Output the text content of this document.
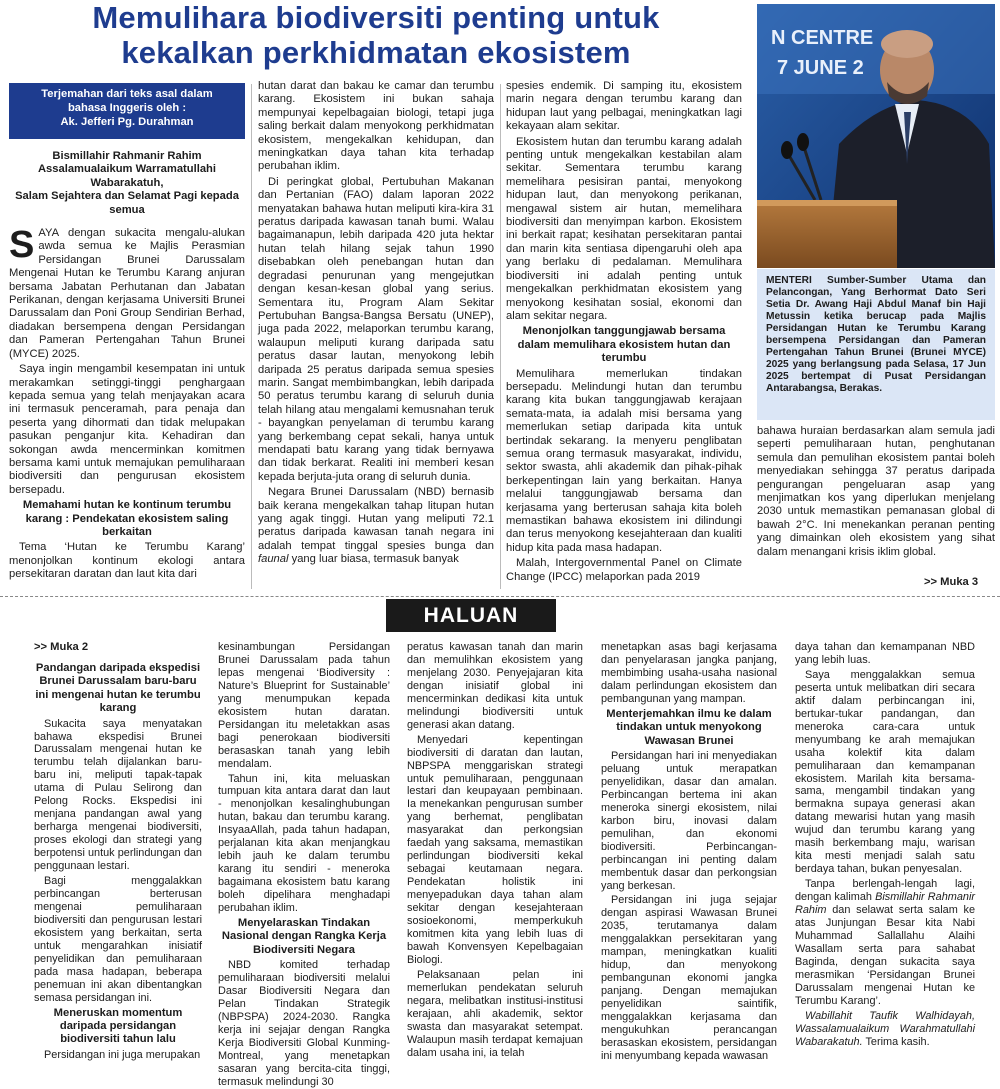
Memulihara biodiversiti penting untuk
kekalkan perkhidmatan ekosistem
Terjemahan dari teks asal dalam
bahasa Inggeris oleh :
Ak. Jefferi Pg. Durahman
Bismillahir Rahmanir Rahim
Assalamualaikum Warramatullahi Wabarakatuh,
Salam Sejahtera dan Selamat Pagi kepada semua

SAYA dengan sukacita mengalu-alukan awda semua ke Majlis Perasmian Persidangan Brunei Darussalam Mengenai Hutan ke Terumbu Karang anjuran bersama Jabatan Perhutanan dan Jabatan Perikanan, dengan kerjasama Universiti Brunei Darussalam dan Poni Group Sendirian Berhad, diadakan bersempena dengan Persidangan dan Pameran Pertengahan Tahun Brunei (MYCE) 2025.

Saya ingin mengambil kesempatan ini untuk merakamkan setinggi-tinggi penghargaan kepada semua yang telah menjayakan acara ini termasuk penceramah, para penaja dan peserta yang dihormati dan tidak melupakan pasukan penganjur kita. Kehadiran dan sokongan awda mencerminkan komitmen bersama kami untuk memajukan pemuliharaan biodiversiti dan pengurusan ekosistem bersepadu.

Memahami hutan ke kontinum terumbu karang : Pendekatan ekosistem saling berkaitan

Tema ‘Hutan ke Terumbu Karang’ menonjolkan kontinum ekologi antara persekitaran daratan dan laut kita dari

hutan darat dan bakau ke camar dan terumbu karang. Ekosistem ini bukan sahaja mempunyai kepelbagaian biologi, tetapi juga saling berkait dalam menyokong perkhidmatan ekosistem, mengekalkan kehidupan, dan meningkatkan daya tahan kita terhadap perubahan iklim.

Di peringkat global, Pertubuhan Makanan dan Pertanian (FAO) dalam laporan 2022 menyatakan bahawa hutan meliputi kira-kira 31 peratus daripada kawasan tanah bumi. Walau bagaimanapun, lebih daripada 420 juta hektar hutan telah hilang sejak tahun 1990 disebabkan oleh penebangan hutan dan degradasi penurunan yang mengejutkan dengan kesan-kesan global yang serius. Sementara itu, Program Alam Sekitar Pertubuhan Bangsa-Bangsa Bersatu (UNEP), juga pada 2022, melaporkan terumbu karang, walaupun meliputi kurang daripada satu peratus dasar lautan, menyokong lebih daripada 25 peratus daripada semua spesies marin. Sangat membimbangkan, lebih daripada 50 peratus terumbu karang di seluruh dunia telah hilang atau mengalami kemusnahan teruk - bayangkan penyelaman di terumbu karang yang berkembang cepat sekali, hanya untuk mendapati batu karang yang tidak bernyawa dan tidak berkarat. Realiti ini memberi kesan kepada berjuta-juta orang di seluruh dunia.

Negara Brunei Darussalam (NBD) bernasib baik kerana mengekalkan tahap litupan hutan yang agak tinggi. Hutan yang meliputi 72.1 peratus daripada kawasan tanah negara ini adalah tempat tinggal spesies bunga dan faunal yang luar biasa, termasuk banyak

spesies endemik. Di samping itu, ekosistem marin negara dengan terumbu karang dan hidupan laut yang pelbagai, meningkatkan lagi kekayaan alam sekitar.

Ekosistem hutan dan terumbu karang adalah penting untuk mengekalkan kestabilan alam sekitar. Sementara terumbu karang memelihara pesisiran pantai, menyokong hidupan laut, dan menyokong perikanan, mengawal sistem air hutan, memelihara biodiversiti dan menyimpan karbon. Ekosistem ini berkait rapat; kesihatan persekitaran pantai dan marin kita sentiasa dipengaruhi oleh apa yang berlaku di pedalaman. Memulihara biodiversiti ini adalah penting untuk mengekalkan perkhidmatan ekosistem yang menyokong kesihatan sosial, ekonomi dan alam sekitar negara.

Menonjolkan tanggungjawab bersama dalam memulihara ekosistem hutan dan terumbu

Memulihara memerlukan tindakan bersepadu. Melindungi hutan dan terumbu karang kita bukan tanggungjawab kerajaan semata-mata, ia adalah misi bersama yang memerlukan setiap daripada kita untuk bertindak sekarang. Ia menyeru penglibatan semua orang termasuk masyarakat, individu, sektor swasta, ahli akademik dan pihak-pihak berkepentingan lain yang berkaitan. Hanya melalui tanggungjawab bersama dan kerjasama yang berterusan sahaja kita boleh memastikan bahawa ekosistem ini dilindungi dan terus menyokong kesejahteraan dan kualiti hidup kita pada masa hadapan.

Malah, Intergovernmental Panel on Climate Change (IPCC) melaporkan pada 2019

N CENTRE
7 JUNE 2
MENTERI Sumber-Sumber Utama dan Pelancongan, Yang Berhormat Dato Seri Setia Dr. Awang Haji Abdul Manaf bin Haji Metussin ketika berucap pada Majlis Persidangan Hutan ke Terumbu Karang bersempena Persidangan dan Pameran Pertengahan Tahun Brunei (Brunei MYCE) 2025 yang berlangsung pada Selasa, 17 Jun 2025 bertempat di Pusat Persidangan Antarabangsa, Berakas.

bahawa huraian berdasarkan alam semula jadi seperti pemuliharaan hutan, penghutanan semula dan pemulihan ekosistem pantai boleh menyediakan sehingga 37 peratus daripada pengurangan pengeluaran asap yang menjimatkan kos yang diperlukan menjelang 2030 untuk memastikan pemanasan global di bawah 2°C. Ini menekankan peranan penting yang dimainkan oleh ekosistem yang sihat dalam menangani krisis iklim global.

>> Muka 3
HALUAN
>> Muka 2
Pandangan daripada ekspedisi Brunei Darussalam baru-baru ini mengenai hutan ke terumbu karang

Sukacita saya menyatakan bahawa ekspedisi Brunei Darussalam mengenai hutan ke terumbu telah dijalankan baru-baru ini, meliputi tapak-tapak utama di Pulau Selirong dan Pelong Rocks. Ekspedisi ini menjana pandangan awal yang berharga mengenai biodiversiti, proses ekologi dan strategi yang berpotensi untuk perlindungan dan penggunaan lestari.

Bagi menggalakkan perbincangan berterusan mengenai pemuliharaan biodiversiti dan pengurusan lestari ekosistem yang berkaitan, serta untuk mengarahkan inisiatif penyelidikan dan pemuliharaan pada masa hadapan, beberapa penemuan ini akan dibentangkan semasa persidangan ini.

Meneruskan momentum daripada persidangan biodiversiti tahun lalu

Persidangan ini juga merupakan

kesinambungan Persidangan Brunei Darussalam pada tahun lepas mengenai ‘Biodiversity : Nature’s Blueprint for Sustainable’ yang menumpukan kepada ekosistem hutan daratan. Persidangan itu meletakkan asas bagi penerokaan biodiversiti berasaskan tanah yang lebih mendalam.

Tahun ini, kita meluaskan tumpuan kita antara darat dan laut - menonjolkan kesalinghubungan hutan, bakau dan terumbu karang. InsyaaAllah, pada tahun hadapan, perjalanan kita akan menjangkau lebih jauh ke dalam terumbu karang itu sendiri - meneroka bagaimana ekosistem batu karang boleh dipelihara menghadapi perubahan iklim.

Menyelaraskan Tindakan Nasional dengan Rangka Kerja Biodiversiti Negara

NBD komited terhadap pemuliharaan biodiversiti melalui Dasar Biodiversiti Negara dan Pelan Tindakan Strategik (NBPSPA) 2024-2030. Rangka kerja ini sejajar dengan Rangka Kerja Biodiversiti Global Kunming-Montreal, yang menetapkan sasaran yang bercita-cita tinggi, termasuk melindungi 30

peratus kawasan tanah dan marin dan memulihkan ekosistem yang menjelang 2030. Penyejajaran kita dengan inisiatif global ini mencerminkan dedikasi kita untuk melindungi biodiversiti untuk generasi akan datang.

Menyedari kepentingan biodiversiti di daratan dan lautan, NBPSPA menggariskan strategi untuk pemuliharaan, penggunaan lestari dan keupayaan pembinaan. Ia menekankan pengurusan sumber yang berhemat, penglibatan masyarakat dan perkongsian faedah yang saksama, memastikan perlindungan biodiversiti kekal sebagai keutamaan negara. Pendekatan holistik ini menyepadukan daya tahan alam sekitar dengan kesejahteraan sosioekonomi, memperkukuh komitmen kita yang lebih luas di bawah Konvensyen Kepelbagaian Biologi.

Pelaksanaan pelan ini memerlukan pendekatan seluruh negara, melibatkan institusi-institusi kerajaan, ahli akademik, sektor swasta dan masyarakat setempat. Walaupun masih terdapat kemajuan dalam usaha ini, ia telah

menetapkan asas bagi kerjasama dan penyelarasan jangka panjang, membimbing usaha-usaha nasional dalam perlindungan ekosistem dan pembangunan yang mampan.

Menterjemahkan ilmu ke dalam tindakan untuk menyokong Wawasan Brunei

Persidangan hari ini menyediakan peluang untuk merapatkan penyelidikan, dasar dan amalan. Perbincangan bertema ini akan meneroka sinergi ekosistem, nilai karbon biru, inovasi dalam pemulihan, dan ekonomi biodiversiti. Perbincangan-perbincangan ini penting dalam membentuk dasar dan perkongsian yang berkesan.

Persidangan ini juga sejajar dengan aspirasi Wawasan Brunei 2035, terutamanya dalam menggalakkan persekitaran yang mampan, meningkatkan kualiti hidup, dan menyokong pembangunan ekonomi jangka panjang. Dengan memajukan penyelidikan saintifik, menggalakkan kerjasama dan mengukuhkan perancangan berasaskan ekosistem, persidangan ini menyumbang kepada wawasan

daya tahan dan kemampanan NBD yang lebih luas.

Saya menggalakkan semua peserta untuk melibatkan diri secara aktif dalam perbincangan ini, bertukar-tukar pandangan, dan meneroka cara-cara untuk menyumbang ke arah memajukan usaha kolektif kita dalam pemuliharaan dan kemampanan ekosistem. Marilah kita bersama-sama, mengambil tindakan yang bermakna supaya generasi akan datang mewarisi hutan yang masih wujud dan terumbu karang yang masih berkembang maju, warisan kita mesti menjadi salah satu berdaya tahan, bukan penyesalan.

Tanpa berlengah-lengah lagi, dengan kalimah Bismillahir Rahmanir Rahim dan selawat serta salam ke atas Junjungan Besar kita Nabi Muhammad Sallallahu Alaihi Wasallam serta para sahabat Baginda, dengan sukacita saya merasmikan ‘Persidangan Brunei Darussalam mengenai Hutan ke Terumbu Karang’.

Wabillahit Taufik Walhidayah, Wassalamualaikum Warahmatullahi Wabarakatuh. Terima kasih.
